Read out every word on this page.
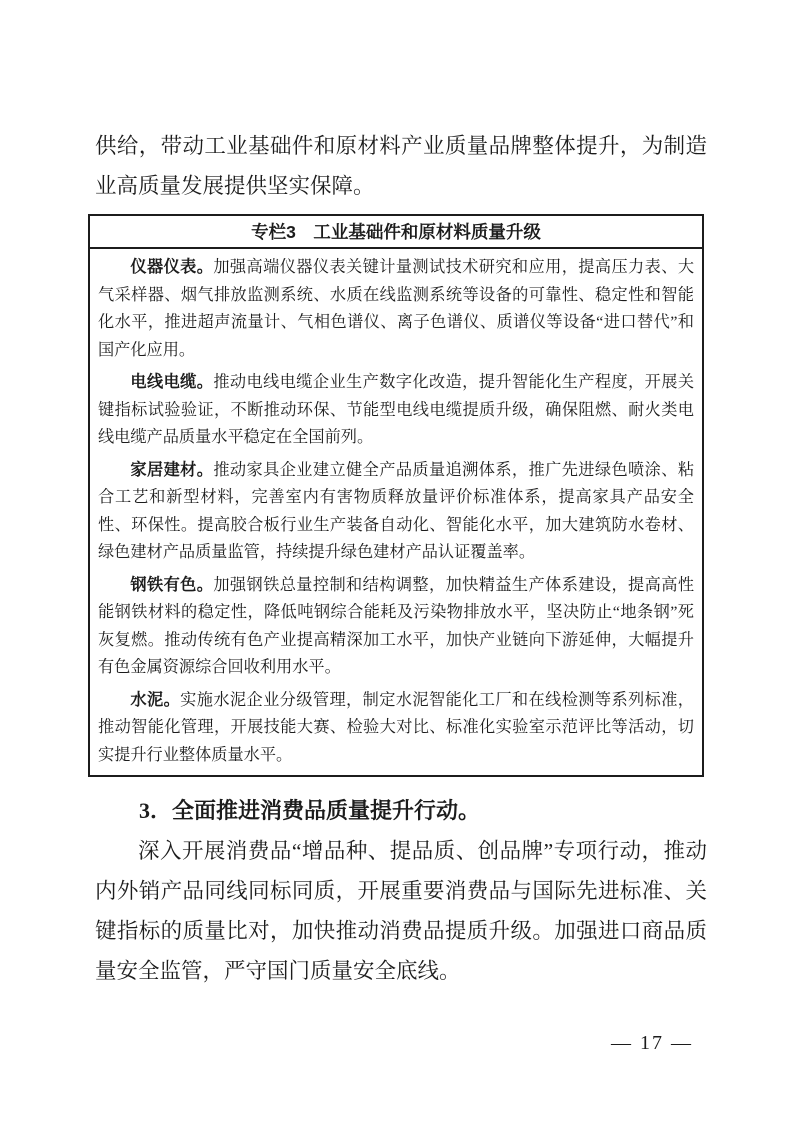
供给，带动工业基础件和原材料产业质量品牌整体提升，为制造业高质量发展提供坚实保障。

专栏3　工业基础件和原材料质量升级

仪器仪表。加强高端仪器仪表关键计量测试技术研究和应用，提高压力表、大气采样器、烟气排放监测系统、水质在线监测系统等设备的可靠性、稳定性和智能化水平，推进超声流量计、气相色谱仪、离子色谱仪、质谱仪等设备“进口替代”和国产化应用。

电线电缆。推动电线电缆企业生产数字化改造，提升智能化生产程度，开展关键指标试验验证，不断推动环保、节能型电线电缆提质升级，确保阻燃、耐火类电线电缆产品质量水平稳定在全国前列。

家居建材。推动家具企业建立健全产品质量追溯体系，推广先进绿色喷涂、粘合工艺和新型材料，完善室内有害物质释放量评价标准体系，提高家具产品安全性、环保性。提高胶合板行业生产装备自动化、智能化水平，加大建筑防水卷材、绿色建材产品质量监管，持续提升绿色建材产品认证覆盖率。

钢铁有色。加强钢铁总量控制和结构调整，加快精益生产体系建设，提高高性能钢铁材料的稳定性，降低吨钢综合能耗及污染物排放水平，坚决防止“地条钢”死灰复燃。推动传统有色产业提高精深加工水平，加快产业链向下游延伸，大幅提升有色金属资源综合回收利用水平。

水泥。实施水泥企业分级管理，制定水泥智能化工厂和在线检测等系列标准，推动智能化管理，开展技能大赛、检验大对比、标准化实验室示范评比等活动，切实提升行业整体质量水平。

3．全面推进消费品质量提升行动。

深入开展消费品“增品种、提品质、创品牌”专项行动，推动内外销产品同线同标同质，开展重要消费品与国际先进标准、关键指标的质量比对，加快推动消费品提质升级。加强进口商品质量安全监管，严守国门质量安全底线。

— 17 —
